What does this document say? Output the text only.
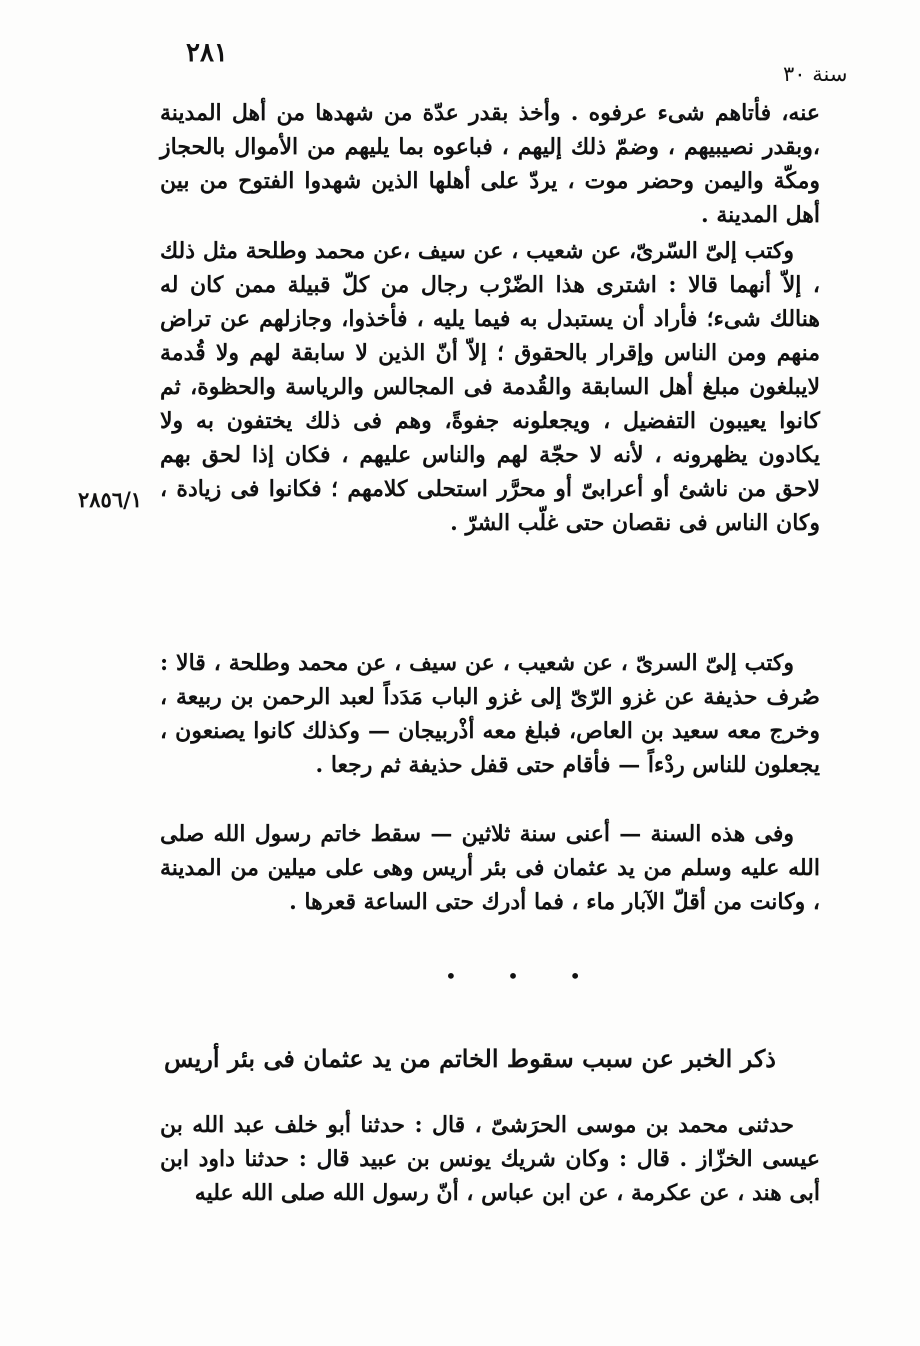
٢٨١
سنة ٣٠

عنه، فأتاهم شىء عرفوه . وأخذ بقدر عدّة من شهدها من أهل المدينة ،وبقدر نصيبيهم ، وضمّ ذلك إليهم ، فباعوه بما يليهم من الأموال بالحجاز ومكّة واليمن وحضر موت ، يردّ على أهلها الذين شهدوا الفتوح من بين أهل المدينة .

وكتب إلىّ السّرىّ، عن شعيب ، عن سيف ،عن محمد وطلحة مثل ذلك ، إلاّ أنهما قالا : اشترى هذا الضّرْب رجال من كلّ قبيلة ممن كان له هنالك شىء؛ فأراد أن يستبدل به فيما يليه ، فأخذوا، وجازلهم عن تراض منهم ومن الناس وإقرار بالحقوق ؛ إلاّ أنّ الذين لا سابقة لهم ولا قُدمة لايبلغون مبلغ أهل السابقة والقُدمة فى المجالس والرياسة والحظوة، ثم كانوا يعيبون التفضيل ، ويجعلونه جفوةً، وهم فى ذلك يختفون به ولا يكادون يظهرونه ، لأنه لا حجّة لهم والناس عليهم ، فكان إذا لحق بهم لاحق من ناشئ أو أعرابىّ أو محرَّر استحلى كلامهم ؛ فكانوا فى زيادة ، وكان الناس فى نقصان حتى غلّب الشرّ .

٢٨٥٦/١

وكتب إلىّ السرىّ ، عن شعيب ، عن سيف ، عن محمد وطلحة ، قالا : صُرف حذيفة عن غزو الرّىّ إلى غزو الباب مَدَداً لعبد الرحمن بن ربيعة ، وخرج معه سعيد بن العاص، فبلغ معه أذْربيجان — وكذلك كانوا يصنعون ، يجعلون للناس ردْءاً — فأقام حتى قفل حذيفة ثم رجعا .

وفى هذه السنة — أعنى سنة ثلاثين — سقط خاتم رسول الله صلى الله عليه وسلم من يد عثمان فى بئر أريس وهى على ميلين من المدينة ، وكانت من أقلّ الآبار ماء ، فما أدرك حتى الساعة قعرها .

• • •
ذكر الخبر عن سبب سقوط الخاتم من يد عثمان فى بئر أريس

حدثنى محمد بن موسى الحرَشىّ ، قال : حدثنا أبو خلف عبد الله بن عيسى الخزّاز . قال : وكان شريك يونس بن عبيد قال : حدثنا داود ابن أبى هند ، عن عكرمة ، عن ابن عباس ، أنّ رسول الله صلى الله عليه
